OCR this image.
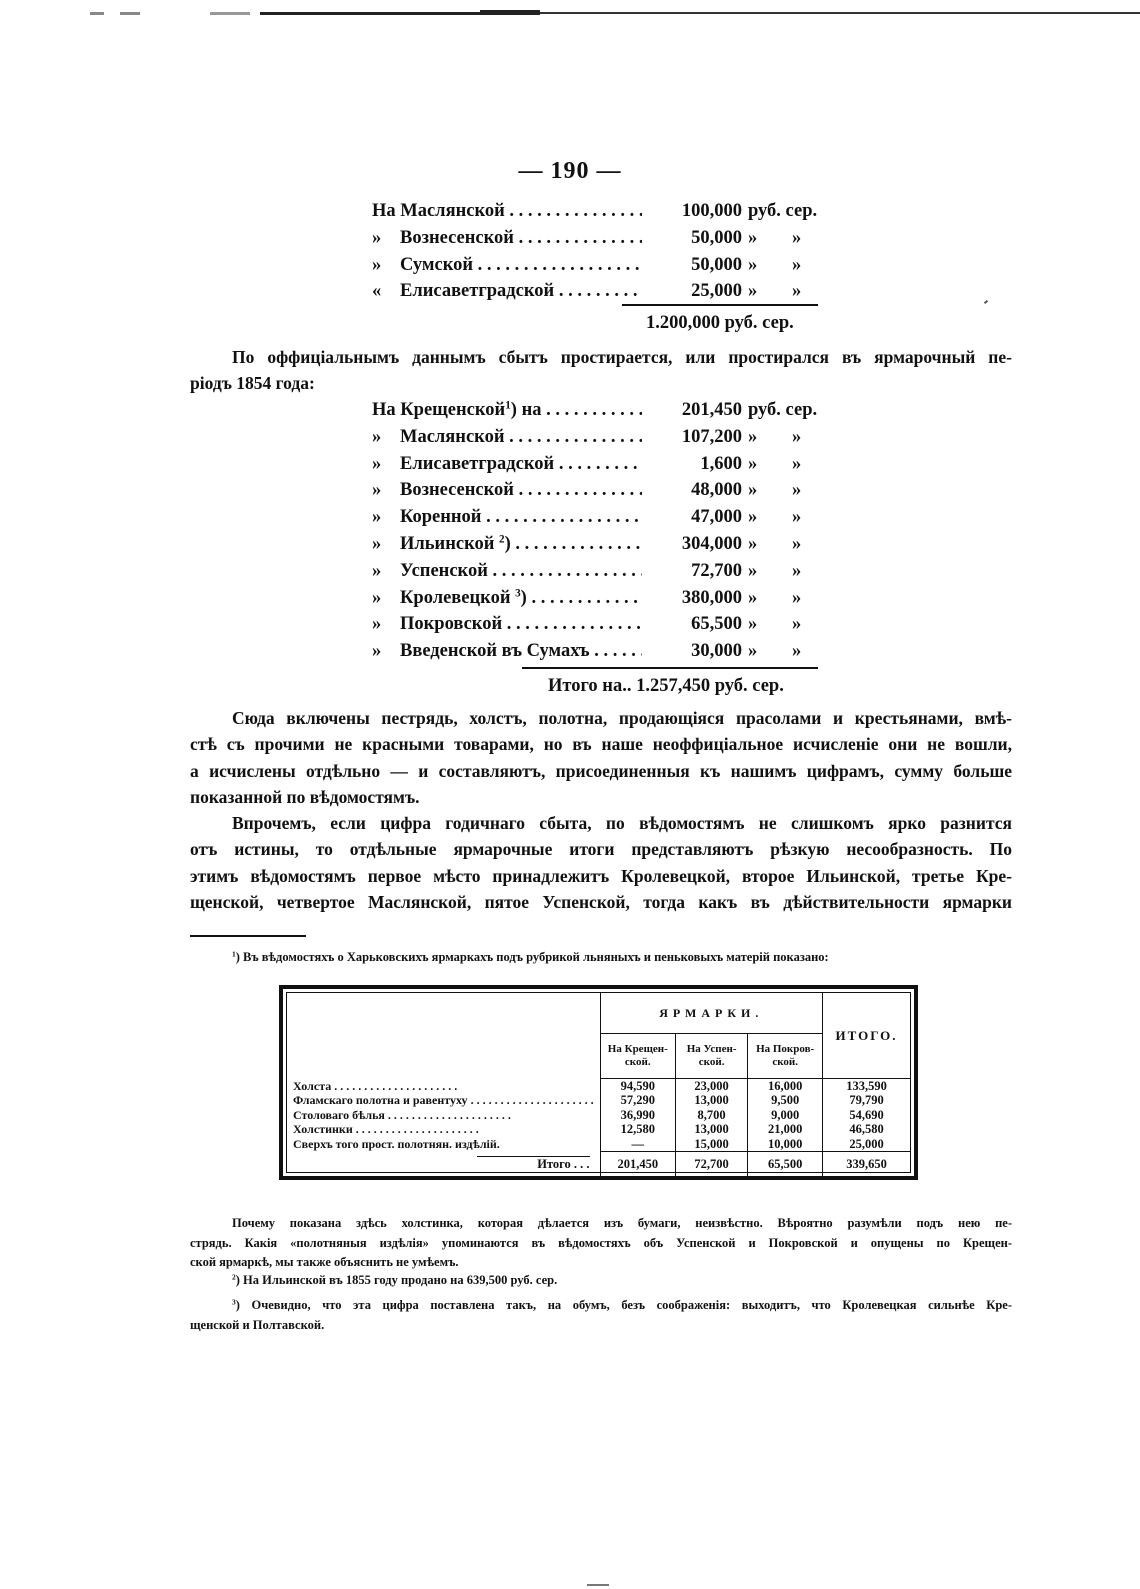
— 190 —
На Маслянской . . .	100,000 руб. сер.
» Вознесенской . . .	50,000 »	»
» Сумской . . .	50,000 »	»
« Елисаветградской . . .	25,000 »	»
1.200,000 руб. сер.
По оффиціальнымъ даннымъ сбытъ простирается, или простирался въ ярмарочный пе-
ріодъ 1854 года:
На Крещенской$^1$) на . . .	201,450 руб. сер.
» Маслянской . . .	107,200 »	»
» Елисаветградской . . .	1,600 »	»
» Вознесенской . . .	48,000 »	»
» Коренной . . .	47,000 »	»
» Ильинской $^2$) . . .	304,000 »	»
» Успенской . . .	72,700 »	»
» Кролевецкой $^3$) . . .	380,000 »	»
» Покровской . . .	65,500 »	»
» Введенской въ Сумахъ . . .	30,000 »	»
Итого на.. 1.257,450 руб. сер.
Сюда включены пестрядь, холстъ, полотна, продающіяся прасолами и крестьянами, вмѣ-
стѣ съ прочими не красными товарами, но въ наше неоффиціальное исчисленіе они не вошли,
а исчислены отдѣльно — и составляютъ, присоединенныя къ нашимъ цифрамъ, сумму больше
показанной по вѣдомостямъ.
Впрочемъ, если цифра годичнаго сбыта, по вѣдомостямъ не слишкомъ ярко разнится
отъ истины, то отдѣльные ярмарочные итоги представляютъ рѣзкую несообразность. По
этимъ вѣдомостямъ первое мѣсто принадлежитъ Кролевецкой, второе Ильинской, третье Кре-
щенской, четвертое Маслянской, пятое Успенской, тогда какъ въ дѣйствительности ярмарки
$^1$) Въ вѣдомостяхъ о Харьковскихъ ярмаркахъ подъ рубрикой льняныхъ и пеньковыхъ матерій показано:
	ЯРМАРКИ.			ИТОГО.
	На Крещен-
ской.	На Успен-
ской.	На Покров-
ской.	
Холста . . .	94,590	23,000	16,000	133,590
Фламскаго полотна и равентуху . . .	57,290	13,000	9,500	79,790
Столоваго бѣлья . . .	36,990	8,700	9,000	54,690
Холстинки . . .	12,580	13,000	21,000	46,580
Сверхъ того прост. полотнян. издѣлій.	—	15,000	10,000	25,000
Итого . . .	201,450	72,700	65,500	339,650
Почему показана здѣсь холстинка, которая дѣлается изъ бумаги, неизвѣстно. Вѣроятно разумѣли подъ нею пе-
стрядь. Какія «полотняныя издѣлія» упоминаются въ вѣдомостяхъ объ Успенской и Покровской и опущены по Крещен-
ской ярмаркѣ, мы также объяснить не умѣемъ.
$^2$) На Ильинской въ 1855 году продано на 639,500 руб. сер.
$^3$) Очевидно, что эта цифра поставлена такъ, на обумъ, безъ соображенія: выходитъ, что Кролевецкая сильнѣе Кре-
щенской и Полтавской.
